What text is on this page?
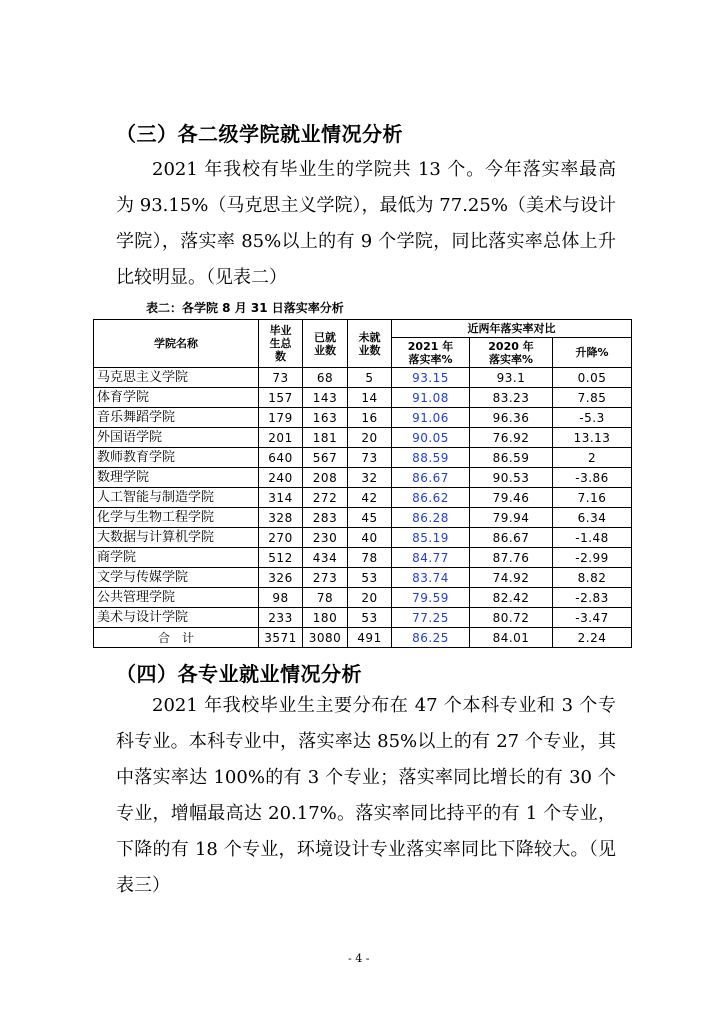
（三）各二级学院就业情况分析
2021 年我校有毕业生的学院共 13 个。今年落实率最高
为 93.15%（马克思主义学院），最低为 77.25%（美术与设计
学院），落实率 85%以上的有 9 个学院，同比落实率总体上升
比较明显。（见表二）
表二：各学院 8 月 31 日落实率分析
学院名称	毕业生总数	已就业数	未就业数	近两年落实率对比		

				2021 年落实率%	2020 年落实率%	升降%
马克思主义学院	73	68	5	93.15	93.1	0.05
体育学院	157	143	14	91.08	83.23	7.85
音乐舞蹈学院	179	163	16	91.06	96.36	-5.3
外国语学院	201	181	20	90.05	76.92	13.13
教师教育学院	640	567	73	88.59	86.59	2
数理学院	240	208	32	86.67	90.53	-3.86
人工智能与制造学院	314	272	42	86.62	79.46	7.16
化学与生物工程学院	328	283	45	86.28	79.94	6.34
大数据与计算机学院	270	230	40	85.19	86.67	-1.48
商学院	512	434	78	84.77	87.76	-2.99
文学与传媒学院	326	273	53	83.74	74.92	8.82
公共管理学院	98	78	20	79.59	82.42	-2.83
美术与设计学院	233	180	53	77.25	80.72	-3.47
合　计	3571	3080	491	86.25	84.01	2.24
（四）各专业就业情况分析
2021 年我校毕业生主要分布在 47 个本科专业和 3 个专
科专业。本科专业中，落实率达 85%以上的有 27 个专业，其
中落实率达 100%的有 3 个专业；落实率同比增长的有 30 个
专业，增幅最高达 20.17%。落实率同比持平的有 1 个专业，
下降的有 18 个专业，环境设计专业落实率同比下降较大。（见
表三）
- 4 -
